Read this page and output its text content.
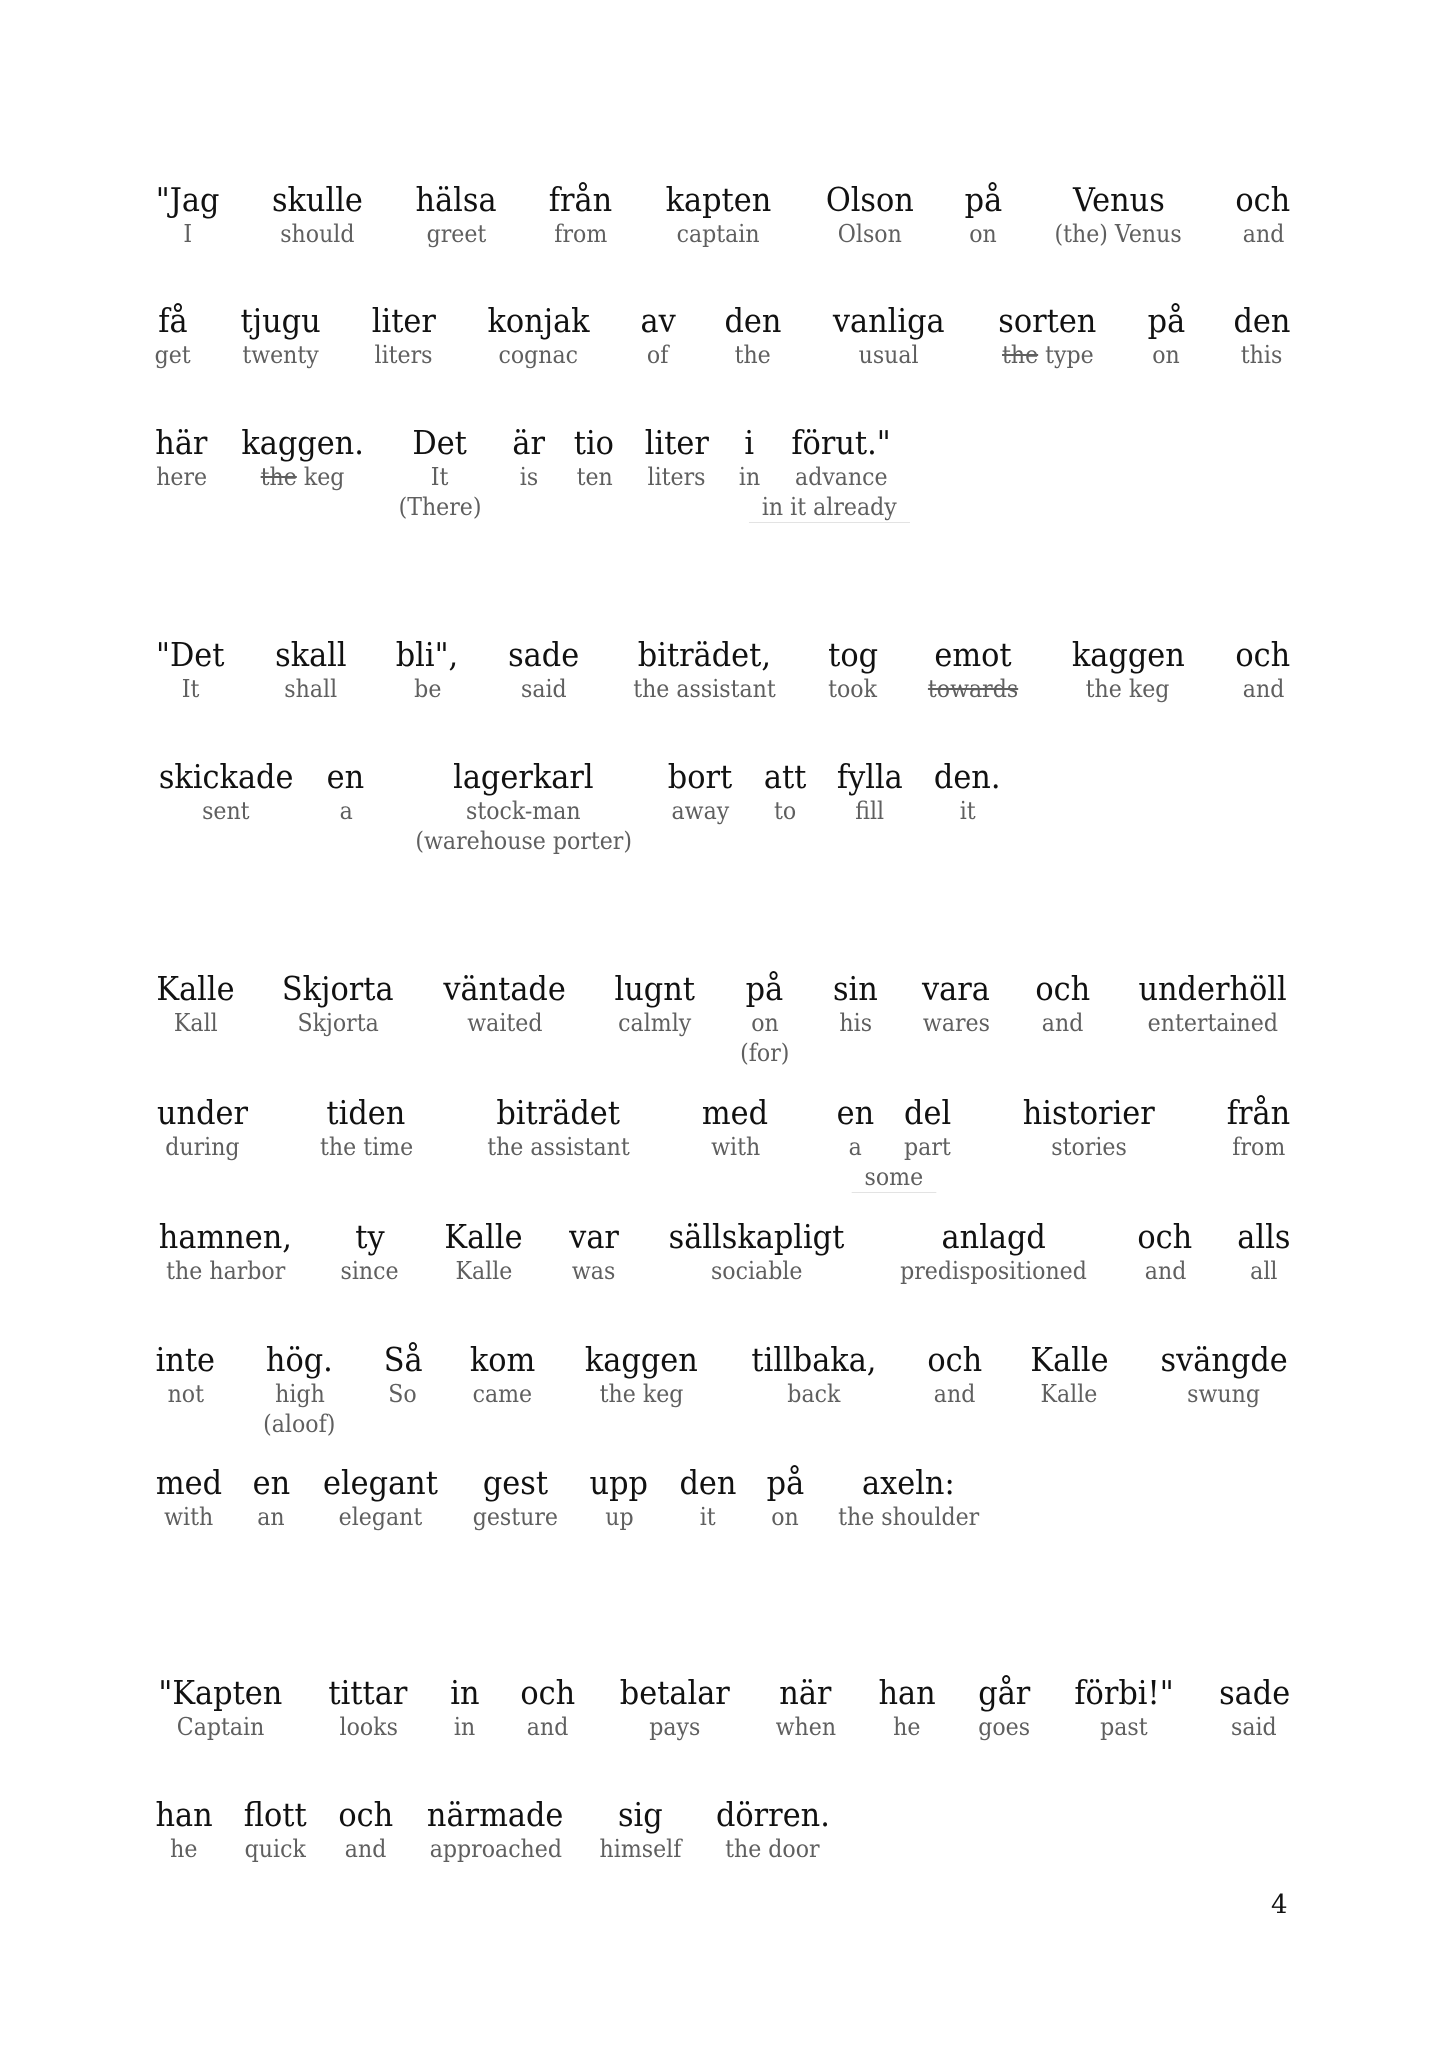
"Jag
I
skulle
should
hälsa
greet
från
from
kapten
captain
Olson
Olson
på
on
Venus
(the) Venus
och
and
få
get
tjugu
twenty
liter
liters
konjak
cognac
av
of
den
the
vanliga
usual
sorten
the type
på
on
den
this
här
here
kaggen.
the keg
Det
It
(There)
är
is
tio
ten
liter
liters
i
in
förut."
advance
in it already
"Det
It
skall
shall
bli",
be
sade
said
biträdet,
the assistant
tog
took
emot
towards
kaggen
the keg
och
and
skickade
sent
en
a
lagerkarl
stock-man
(warehouse porter)
bort
away
att
to
fylla
fill
den.
it
Kalle
Kall
Skjorta
Skjorta
väntade
waited
lugnt
calmly
på
on
(for)
sin
his
vara
wares
och
and
underhöll
entertained
under
during
tiden
the time
biträdet
the assistant
med
with
en
a
del
part
some
historier
stories
från
from
hamnen,
the harbor
ty
since
Kalle
Kalle
var
was
sällskapligt
sociable
anlagd
predispositioned
och
and
alls
all
inte
not
hög.
high
(aloof)
Så
So
kom
came
kaggen
the keg
tillbaka,
back
och
and
Kalle
Kalle
svängde
swung
med
with
en
an
elegant
elegant
gest
gesture
upp
up
den
it
på
on
axeln:
the shoulder
"Kapten
Captain
tittar
looks
in
in
och
and
betalar
pays
när
when
han
he
går
goes
förbi!"
past
sade
said
han
he
flott
quick
och
and
närmade
approached
sig
himself
dörren.
the door
4
